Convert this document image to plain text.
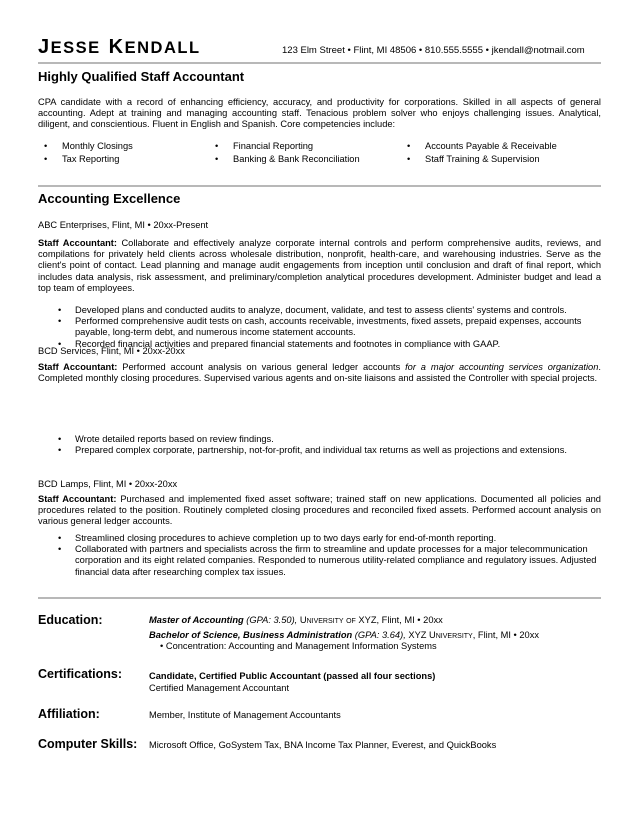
JESSE KENDALL	123 Elm Street • Flint, MI 48506 • 810.555.5555 • jkendall@notmail.com
Highly Qualified Staff Accountant
CPA candidate with a record of enhancing efficiency, accuracy, and productivity for corporations. Skilled in all aspects of general accounting. Adept at training and managing accounting staff. Tenacious problem solver who enjoys challenging issues. Analytical, diligent, and conscientious. Fluent in English and Spanish. Core competencies include:
• Monthly Closings	• Financial Reporting	• Accounts Payable & Receivable
• Tax Reporting	• Banking & Bank Reconciliation	• Staff Training & Supervision
Accounting Excellence
ABC Enterprises, Flint, MI • 20xx-Present
Staff Accountant: Collaborate and effectively analyze corporate internal controls and perform comprehensive audits, reviews, and compilations for privately held clients across wholesale distribution, nonprofit, health-care, and warehousing industries. Serve as the client's point of contact. Lead planning and manage audit engagements from inception until conclusion and draft of final report, which includes data analysis, risk assessment, and preliminary/completion analytical procedures development. Administer budget and lead a top team of employees.
• Developed plans and conducted audits to analyze, document, validate, and test to assess clients' systems and controls.
• Performed comprehensive audit tests on cash, accounts receivable, investments, fixed assets, prepaid expenses, accounts payable, long-term debt, and numerous income statement accounts.
• Recorded financial activities and prepared financial statements and footnotes in compliance with GAAP.
BCD Services, Flint, MI • 20xx-20xx
Staff Accountant: Performed account analysis on various general ledger accounts for a major accounting services organization. Completed monthly closing procedures. Supervised various agents and on-site liaisons and assisted the Controller with special projects.
• Wrote detailed reports based on review findings.
• Prepared complex corporate, partnership, not-for-profit, and individual tax returns as well as projections and extensions.
BCD Lamps, Flint, MI • 20xx-20xx
Staff Accountant: Purchased and implemented fixed asset software; trained staff on new applications. Documented all policies and procedures related to the position. Routinely completed closing procedures and reconciled fixed assets. Performed account analysis on various general ledger accounts.
• Streamlined closing procedures to achieve completion up to two days early for end-of-month reporting.
• Collaborated with partners and specialists across the firm to streamline and update processes for a major telecommunication corporation and its eight related companies. Responded to numerous utility-related compliance and regulatory issues. Adjusted financial data after researching complex tax issues.
Education:	Master of Accounting (GPA: 3.50), University of XYZ, Flint, MI • 20xx
Bachelor of Science, Business Administration (GPA: 3.64), XYZ University, Flint, MI • 20xx
• Concentration: Accounting and Management Information Systems
Certifications:	Candidate, Certified Public Accountant (passed all four sections)
Certified Management Accountant
Affiliation:	Member, Institute of Management Accountants
Computer Skills: Microsoft Office, GoSystem Tax, BNA Income Tax Planner, Everest, and QuickBooks
